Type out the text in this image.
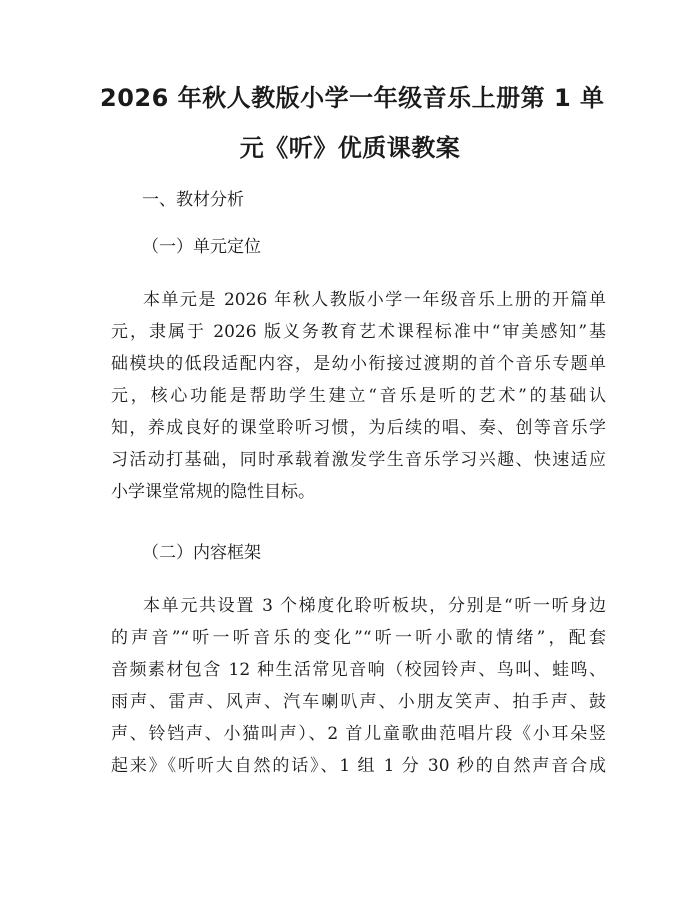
2026 年秋人教版小学一年级音乐上册第 1 单
元《听》优质课教案
一、教材分析
（一）单元定位
本单元是 2026 年秋人教版小学一年级音乐上册的开篇单
元，隶属于 2026 版义务教育艺术课程标准中“审美感知”基
础模块的低段适配内容，是幼小衔接过渡期的首个音乐专题单
元，核心功能是帮助学生建立“音乐是听的艺术”的基础认
知，养成良好的课堂聆听习惯，为后续的唱、奏、创等音乐学
习活动打基础，同时承载着激发学生音乐学习兴趣、快速适应
小学课堂常规的隐性目标。
（二）内容框架
本单元共设置 3 个梯度化聆听板块，分别是“听一听身边
的声音”“听一听音乐的变化”“听一听小歌的情绪”，配套
音频素材包含 12 种生活常见音响（校园铃声、鸟叫、蛙鸣、
雨声、雷声、风声、汽车喇叭声、小朋友笑声、拍手声、鼓
声、铃铛声、小猫叫声）、2 首儿童歌曲范唱片段《小耳朵竖
起来》《听听大自然的话》、1 组 1 分 30 秒的自然声音合成
